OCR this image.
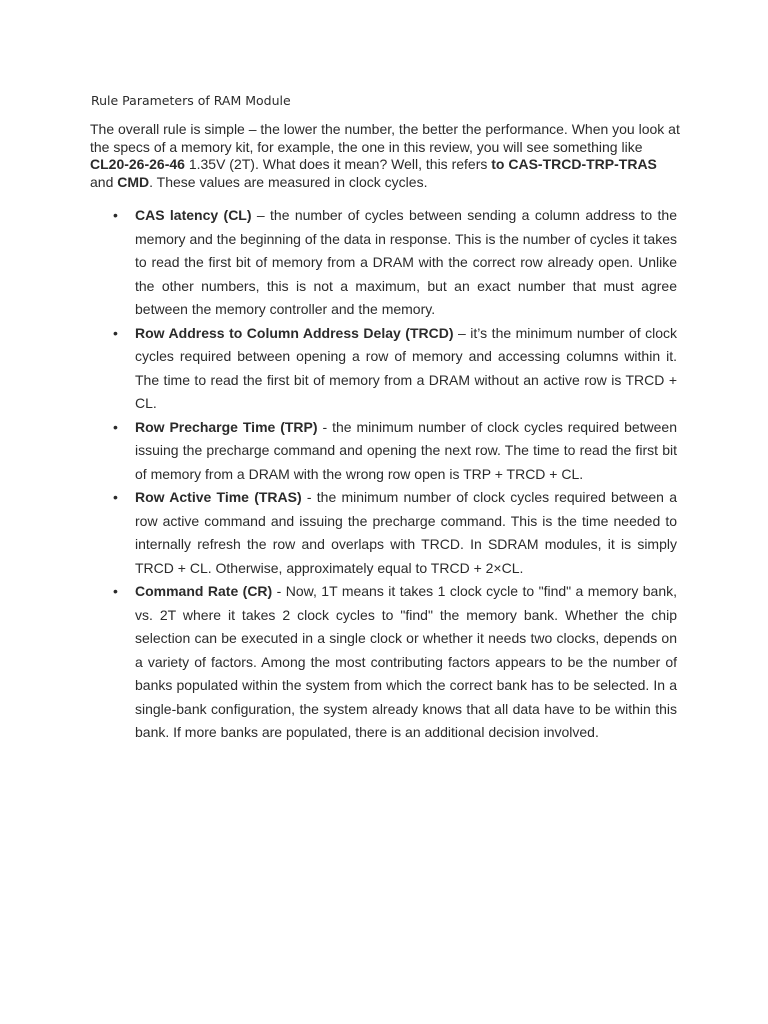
Rule Parameters of RAM Module

The overall rule is simple – the lower the number, the better the performance. When you look at the specs of a memory kit, for example, the one in this review, you will see something like CL20-26-26-46 1.35V (2T). What does it mean? Well, this refers to CAS-TRCD-TRP-TRAS and CMD. These values are measured in clock cycles.

• CAS latency (CL) – the number of cycles between sending a column address to the memory and the beginning of the data in response. This is the number of cycles it takes to read the first bit of memory from a DRAM with the correct row already open. Unlike the other numbers, this is not a maximum, but an exact number that must agree between the memory controller and the memory.
• Row Address to Column Address Delay (TRCD) – it’s the minimum number of clock cycles required between opening a row of memory and accessing columns within it. The time to read the first bit of memory from a DRAM without an active row is TRCD + CL.
• Row Precharge Time (TRP) - the minimum number of clock cycles required between issuing the precharge command and opening the next row. The time to read the first bit of memory from a DRAM with the wrong row open is TRP + TRCD + CL.
• Row Active Time (TRAS) - the minimum number of clock cycles required between a row active command and issuing the precharge command. This is the time needed to internally refresh the row and overlaps with TRCD. In SDRAM modules, it is simply TRCD + CL. Otherwise, approximately equal to TRCD + 2×CL.
• Command Rate (CR) - Now, 1T means it takes 1 clock cycle to "find" a memory bank, vs. 2T where it takes 2 clock cycles to "find" the memory bank. Whether the chip selection can be executed in a single clock or whether it needs two clocks, depends on a variety of factors. Among the most contributing factors appears to be the number of banks populated within the system from which the correct bank has to be selected. In a single-bank configuration, the system already knows that all data have to be within this bank. If more banks are populated, there is an additional decision involved.
